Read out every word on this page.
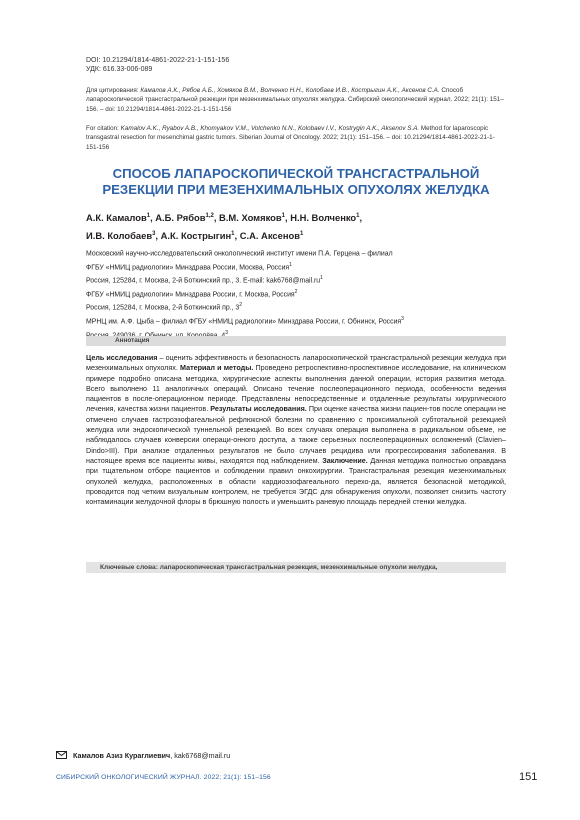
DOI: 10.21294/1814-4861-2022-21-1-151-156
УДК: 616.33-006-089
Для цитирования: Камалов А.К., Рябов А.Б., Хомяков В.М., Волченко Н.Н., Колобаев И.В., Кострыгин А.К., Аксенов С.А. Способ лапароскопической трансгастральной резекции при мезенхимальных опухолях желудка. Сибирский онкологический журнал. 2022; 21(1): 151–156. – doi: 10.21294/1814-4861-2022-21-1-151-156
For citation: Kamalov A.K., Ryabov A.B., Khomyakov V.M., Volchenko N.N., Kolobaev I.V., Kostrygin A.K., Aksenov S.A. Method for laparoscopic transgastral resection for mesenchimal gastric tumors. Siberian Journal of Oncology. 2022; 21(1): 151–156. – doi: 10.21294/1814-4861-2022-21-1-151-156
СПОСОБ ЛАПАРОСКОПИЧЕСКОЙ ТРАНСГАСТРАЛЬНОЙ РЕЗЕКЦИИ ПРИ МЕЗЕНХИМАЛЬНЫХ ОПУХОЛЯХ ЖЕЛУДКА
А.К. Камалов$^1$, А.Б. Рябов$^{1,2}$, В.М. Хомяков$^1$, Н.Н. Волченко$^1$,
И.В. Колобаев$^3$, А.К. Кострыгин$^1$, С.А. Аксенов$^1$
Московский научно-исследовательский онкологический институт имени П.А. Герцена – филиал
ФГБУ «НМИЦ радиологии» Минздрава России, Москва, Россия$^1$
Россия, 125284, г. Москва, 2-й Боткинский пр., 3. E-mail: $kak6768@mail.ru^1$
ФГБУ «НМИЦ радиологии» Минздрава России, г. Москва, Россия$^2$
Россия, 125284, г. Москва, 2-й Боткинский пр., $3^2$
МРНЦ им. А.Ф. Цыба – филиал ФГБУ «НМИЦ радиологии» Минздрава России, г. Обнинск, Россия$^3$
$^3$
Аннотация
Цель исследования – оценить эффективность и безопасность лапароскопической трансгастральной резекции желудка при мезенхимальных опухолях. Материал и методы. Проведено ретроспективно-проспективное исследование, на клиническом примере подробно описана методика, хирургические аспекты выполнения данной операции, история развития метода. Всего выполнено 11 аналогичных операций. Описано течение послеоперационного периода, особенности ведения пациентов в после-операционном периоде. Представлены непосредственные и отдаленные результаты хирургического лечения, качества жизни пациентов. Результаты исследования. При оценке качества жизни пациен-тов после операции не отмечено случаев гастроэзофагеальной рефлюксной болезни по сравнению с проксимальной субтотальной резекцией желудка или эндоскопической туннельной резекцией. Во всех случаях операция выполнена в радикальном объеме, не наблюдалось случаев конверсии операци-онного доступа, а также серьезных послеоперационных осложнений (Clavien–Dindo>III). При анализе отдаленных результатов не было случаев рецидива или прогрессирования заболевания. В настоящее время все пациенты живы, находятся под наблюдением. Заключение. Данная методика полностью оправдана при тщательном отборе пациентов и соблюдении правил онкохирургии. Трансгастральная резекция мезенхимальных опухолей желудка, расположенных в области кардиоэзофагеального перехо-да, является безопасной методикой, проводится под четким визуальным контролем, не требуется ЭГДС для обнаружения опухоли, позволяет снизить частоту контаминации желудочной флоры в брюшную полость и уменьшить раневую площадь передней стенки желудка.
Ключевые слова: лапароскопическая трансгастральная резекция, мезенхимальные опухоли желудка,
Камалов Азиз Кураглиевич, kak6768@mail.ru
СИБИРСКИЙ ОНКОЛОГИЧЕСКИЙ ЖУРНАЛ. 2022; 21(1): 151–156	151
